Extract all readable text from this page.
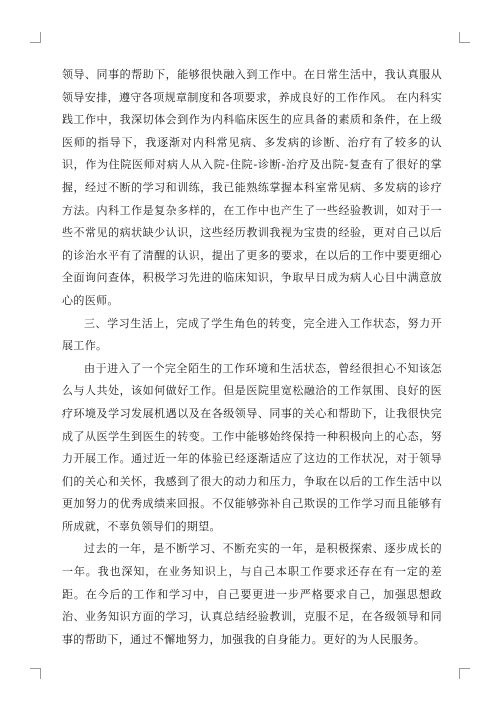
领导、同事的帮助下，能够很快融入到工作中。在日常生活中，我认真服从领导安排，遵守各项规章制度和各项要求，养成良好的工作作风。 在内科实践工作中，我深切体会到作为内科临床医生的应具备的素质和条件，在上级医师的指导下，我逐渐对内科常见病、多发病的诊断、治疗有了较多的认识，作为住院医师对病人从入院-住院-诊断-治疗及出院-复查有了很好的掌握，经过不断的学习和训练，我已能熟练掌握本科室常见病、多发病的诊疗方法。内科工作是复杂多样的，在工作中也产生了一些经验教训，如对于一些不常见的病状缺少认识，这些经历教训我视为宝贵的经验，更对自己以后的诊治水平有了清醒的认识，提出了更多的要求，在以后的工作中要更细心全面询问查体，积极学习先进的临床知识，争取早日成为病人心目中满意放心的医师。

三、学习生活上，完成了学生角色的转变，完全进入工作状态，努力开展工作。

由于进入了一个完全陌生的工作环境和生活状态，曾经很担心不知该怎么与人共处，该如何做好工作。但是医院里宽松融洽的工作氛围、良好的医疗环境及学习发展机遇以及在各级领导、同事的关心和帮助下，让我很快完成了从医学生到医生的转变。工作中能够始终保持一种积极向上的心态，努力开展工作。通过近一年的体验已经逐渐适应了这边的工作状况，对于领导们的关心和关怀，我感到了很大的动力和压力，争取在以后的工作生活中以更加努力的优秀成绩来回报。不仅能够弥补自己欺误的工作学习而且能够有所成就，不辜负领导们的期望。

过去的一年，是不断学习、不断充实的一年，是积极探索、逐步成长的一年。我也深知，在业务知识上，与自己本职工作要求还存在有一定的差距。在今后的工作和学习中，自己要更进一步严格要求自己，加强思想政治、业务知识方面的学习，认真总结经验教训，克服不足，在各级领导和同事的帮助下，通过不懈地努力，加强我的自身能力。更好的为人民服务。
